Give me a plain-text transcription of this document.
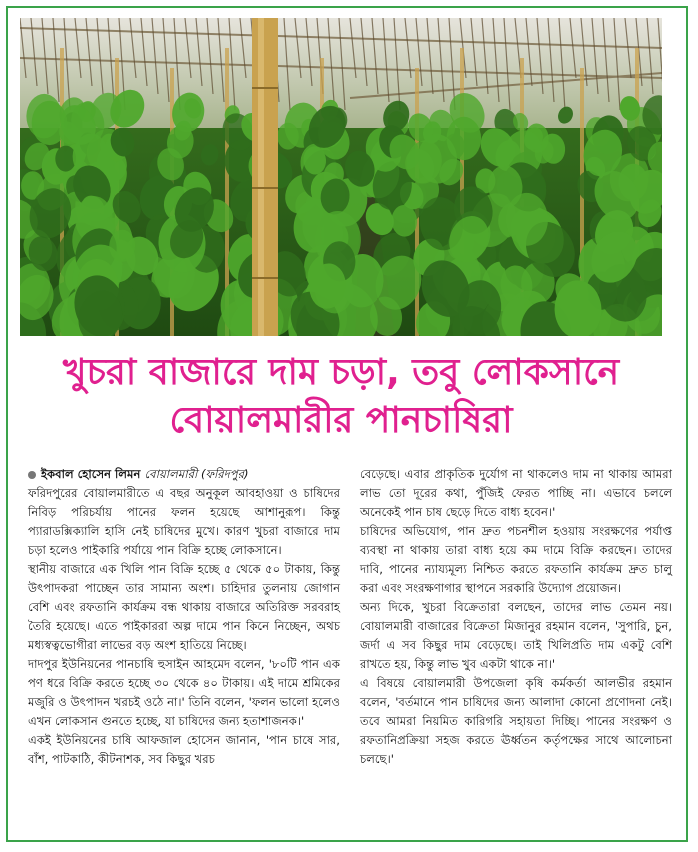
খুচরা বাজারে দাম চড়া, তবু লোকসানে
বোয়ালমারীর পানচাষিরা

ইকবাল হোসেন লিমন বোয়ালমারী (ফরিদপুর)

ফরিদপুরের বোয়ালমারীতে এ বছর অনুকূল আবহাওয়া ও চাষিদের নিবিড় পরিচর্যায় পানের ফলন হয়েছে আশানুরূপ। কিন্তু প্যারাডক্সিক্যালি হাসি নেই চাষিদের মুখে। কারণ খুচরা বাজারে দাম চড়া হলেও পাইকারি পর্যায়ে পান বিক্রি হচ্ছে লোকসানে।

স্থানীয় বাজারে এক খিলি পান বিক্রি হচ্ছে ৫ থেকে ৫০ টাকায়, কিন্তু উৎপাদকরা পাচ্ছেন তার সামান্য অংশ। চাহিদার তুলনায় জোগান বেশি এবং রফতানি কার্যক্রম বন্ধ থাকায় বাজারে অতিরিক্ত সরবরাহ তৈরি হয়েছে। এতে পাইকাররা অল্প দামে পান কিনে নিচ্ছেন, অথচ মধ্যস্বত্বভোগীরা লাভের বড় অংশ হাতিয়ে নিচ্ছে।

দাদপুর ইউনিয়নের পানচাষি হুসাইন আহমেদ বলেন, '৮০টি পান এক পণ ধরে বিক্রি করতে হচ্ছে ৩০ থেকে ৪০ টাকায়। এই দামে শ্রমিকের মজুরি ও উৎপাদন খরচই ওঠে না।' তিনি বলেন, 'ফলন ভালো হলেও এখন লোকসান গুনতে হচ্ছে, যা চাষিদের জন্য হতাশাজনক।'

একই ইউনিয়নের চাষি আফজাল হোসেন জানান, 'পান চাষে সার, বাঁশ, পাটকাঠি, কীটনাশক, সব কিছুর খরচ

বেড়েছে। এবার প্রাকৃতিক দুর্যোগ না থাকলেও দাম না থাকায় আমরা লাভ তো দূরের কথা, পুঁজিই ফেরত পাচ্ছি না। এভাবে চললে অনেকেই পান চাষ ছেড়ে দিতে বাধ্য হবেন।'

চাষিদের অভিযোগ, পান দ্রুত পচনশীল হওয়ায় সংরক্ষণের পর্যাপ্ত ব্যবস্থা না থাকায় তারা বাধ্য হয়ে কম দামে বিক্রি করছেন। তাদের দাবি, পানের ন্যায্যমূল্য নিশ্চিত করতে রফতানি কার্যক্রম দ্রুত চালু করা এবং সংরক্ষণাগার স্থাপনে সরকারি উদ্যোগ প্রয়োজন।

অন্য দিকে, খুচরা বিক্রেতারা বলছেন, তাদের লাভ তেমন নয়। বোয়ালমারী বাজারের বিক্রেতা মিজানুর রহমান বলেন, 'সুপারি, চুন, জর্দা এ সব কিছুর দাম বেড়েছে। তাই খিলিপ্রতি দাম একটু বেশি রাখতে হয়, কিন্তু লাভ খুব একটা থাকে না।'

এ বিষয়ে বোয়ালমারী উপজেলা কৃষি কর্মকর্তা আলভীর রহমান বলেন, 'বর্তমানে পান চাষিদের জন্য আলাদা কোনো প্রণোদনা নেই। তবে আমরা নিয়মিত কারিগরি সহায়তা দিচ্ছি। পানের সংরক্ষণ ও রফতানিপ্রক্রিয়া সহজ করতে ঊর্ধ্বতন কর্তৃপক্ষের সাথে আলোচনা চলছে।'
